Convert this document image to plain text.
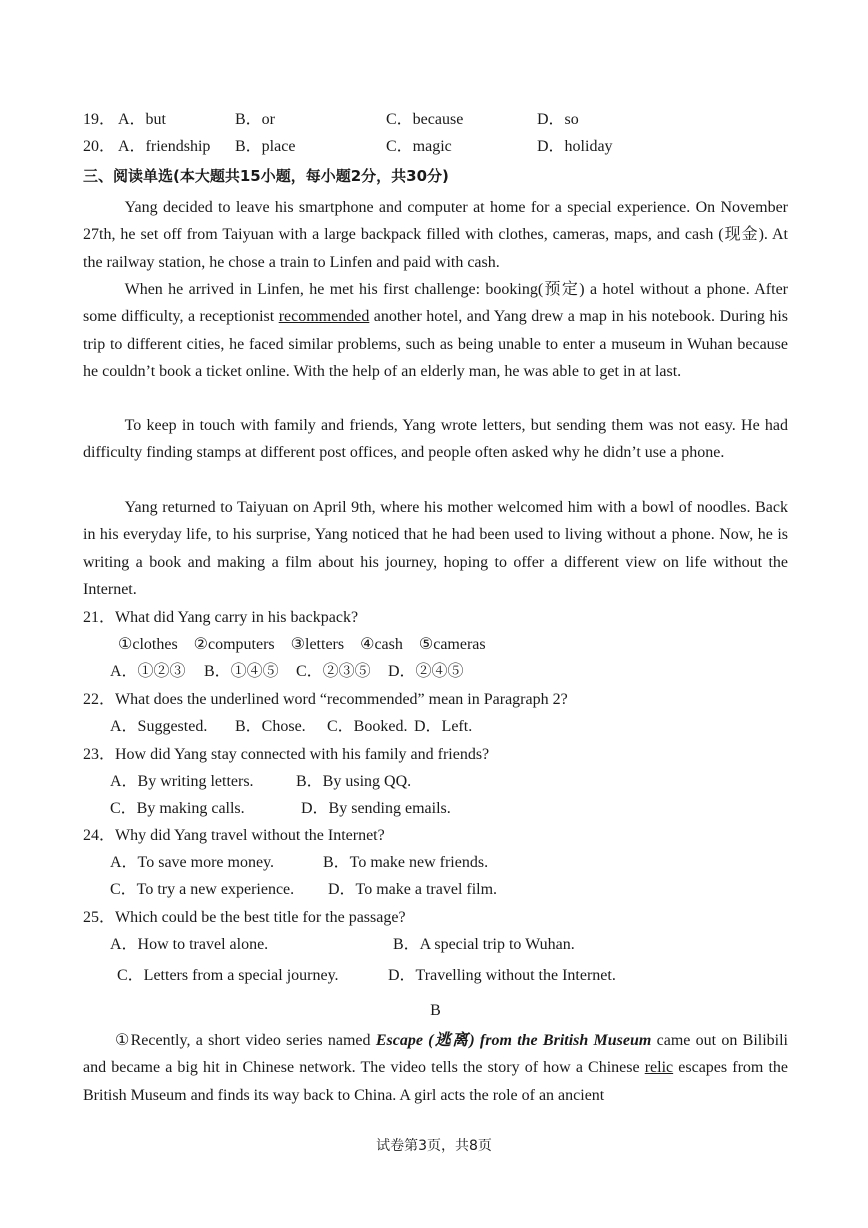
19． A．but	B．or	C．because	D．so
20． A．friendship B．place	C．magic	D．holiday
三、阅读单选(本大题共15小题，每小题2分，共30分)
Yang decided to leave his smartphone and computer at home for a special experience. On November 27th, he set off from Taiyuan with a large backpack filled with clothes, cameras, maps, and cash (现金). At the railway station, he chose a train to Linfen and paid with cash.
When he arrived in Linfen, he met his first challenge: booking(预定) a hotel without a phone. After some difficulty, a receptionist recommended another hotel, and Yang drew a map in his notebook. During his trip to different cities, he faced similar problems, such as being unable to enter a museum in Wuhan because he couldn’t book a ticket online. With the help of an elderly man, he was able to get in at last.
To keep in touch with family and friends, Yang wrote letters, but sending them was not easy. He had difficulty finding stamps at different post offices, and people often asked why he didn’t use a phone.
Yang returned to Taiyuan on April 9th, where his mother welcomed him with a bowl of noodles. Back in his everyday life, to his surprise, Yang noticed that he had been used to living without a phone. Now, he is writing a book and making a film about his journey, hoping to offer a different view on life without the Internet.
21．What did Yang carry in his backpack?
①clothes　②computers　③letters　④cash　⑤cameras
A．①②③ B．①④⑤ C．②③⑤ D．②④⑤
22．What does the underlined word “recommended” mean in Paragraph 2?
A．Suggested. B．Chose. C．Booked. D．Left.
23．How did Yang stay connected with his family and friends?
A．By writing letters.	B．By using QQ.
C．By making calls.	D．By sending emails.
24．Why did Yang travel without the Internet?
A．To save more money.	B．To make new friends.
C．To try a new experience. D．To make a travel film.
25．Which could be the best title for the passage?
A．How to travel alone.	B．A special trip to Wuhan.
C．Letters from a special journey.	D．Travelling without the Internet.
B
①Recently, a short video series named Escape (逃离) from the British Museum came out on Bilibili and became a big hit in Chinese network. The video tells the story of how a Chinese relic escapes from the British Museum and finds its way back to China. A girl acts the role of an ancient
试卷第3页，共8页
